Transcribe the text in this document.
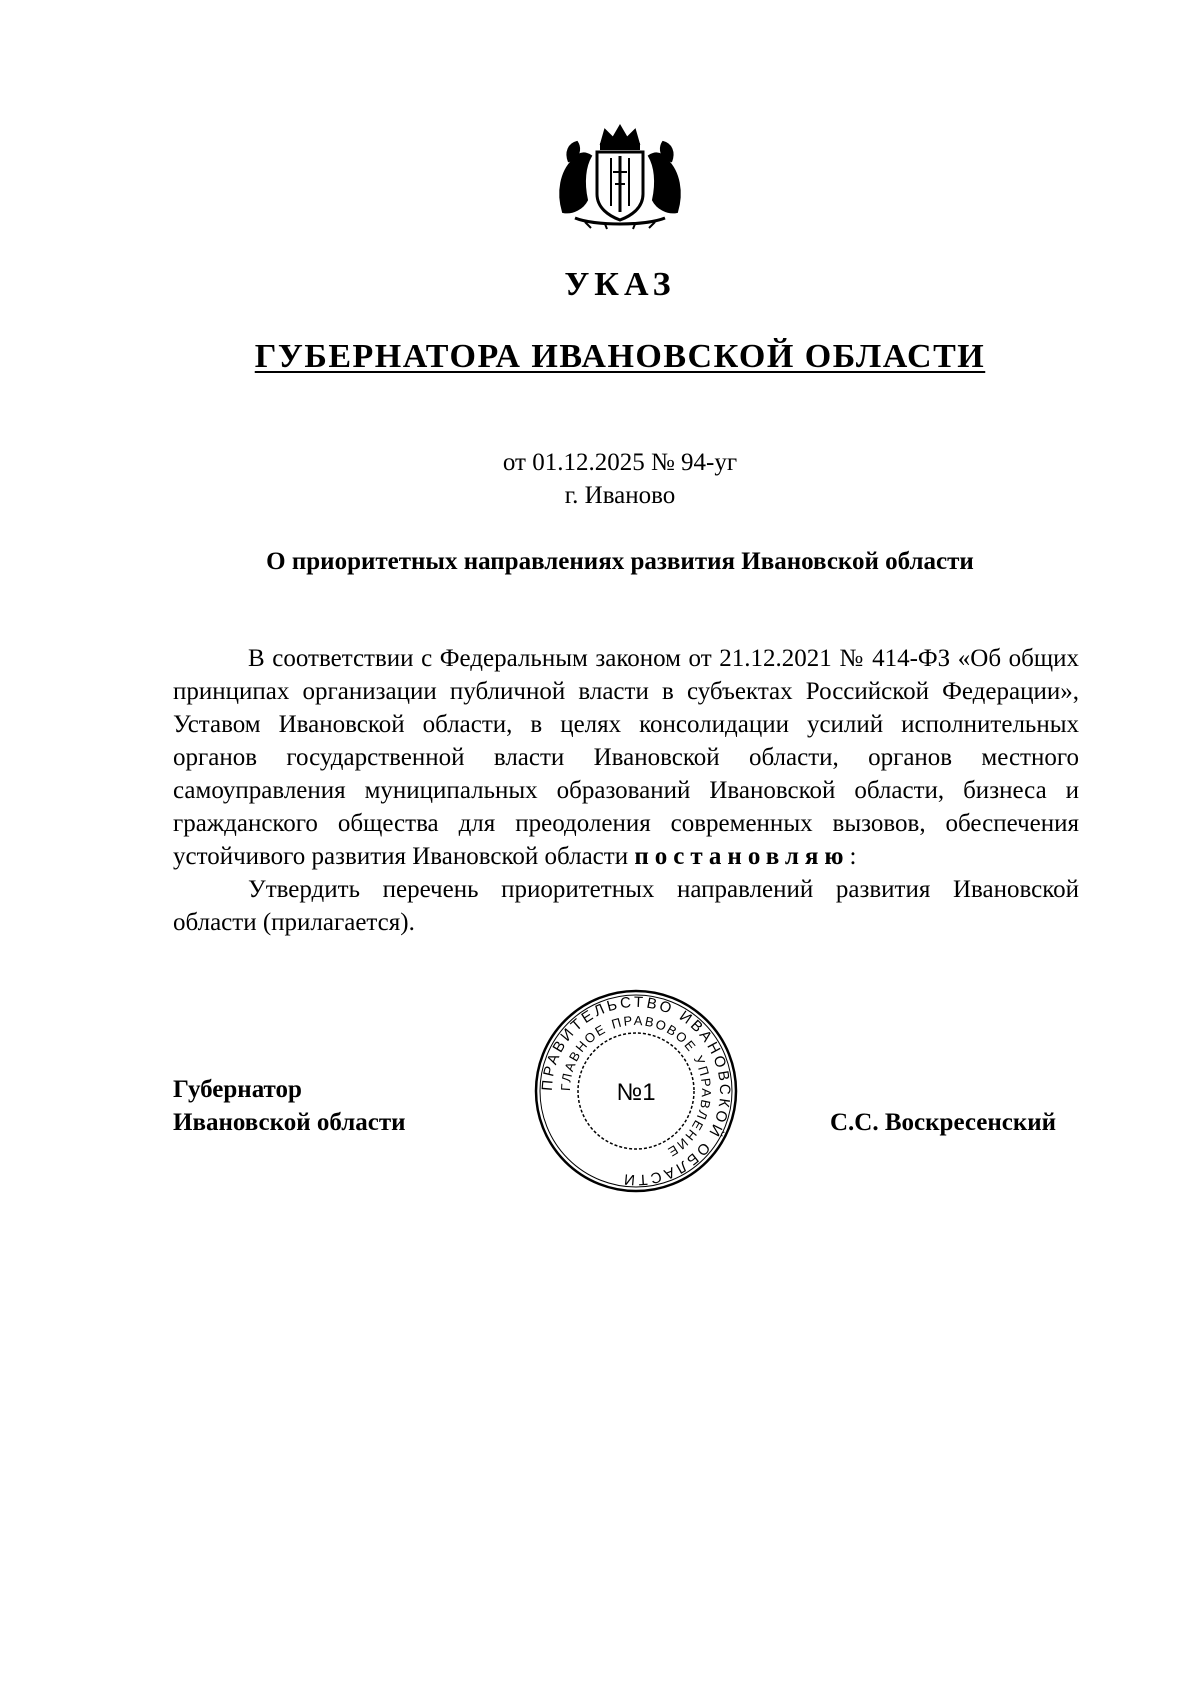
УКАЗ
ГУБЕРНАТОРА ИВАНОВСКОЙ ОБЛАСТИ
от 01.12.2025 № 94-уг
г. Иваново
О приоритетных направлениях развития Ивановской области

В соответствии с Федеральным законом от 21.12.2021 № 414-ФЗ «Об общих принципах организации публичной власти в субъектах Российской Федерации», Уставом Ивановской области, в целях консолидации усилий исполнительных органов государственной власти Ивановской области, органов местного самоуправления муниципальных образований Ивановской области, бизнеса и гражданского общества для преодоления современных вызовов, обеспечения устойчивого развития Ивановской области постановляю:

Утвердить перечень приоритетных направлений развития Ивановской области (прилагается).

Губернатор
Ивановской области
ПРАВИТЕЛЬСТВО ИВАНОВСКОЙ ОБЛАСТИ
ГЛАВНОЕ ПРАВОВОЕ УПРАВЛЕНИЕ
№1
С.С. Воскресенский
